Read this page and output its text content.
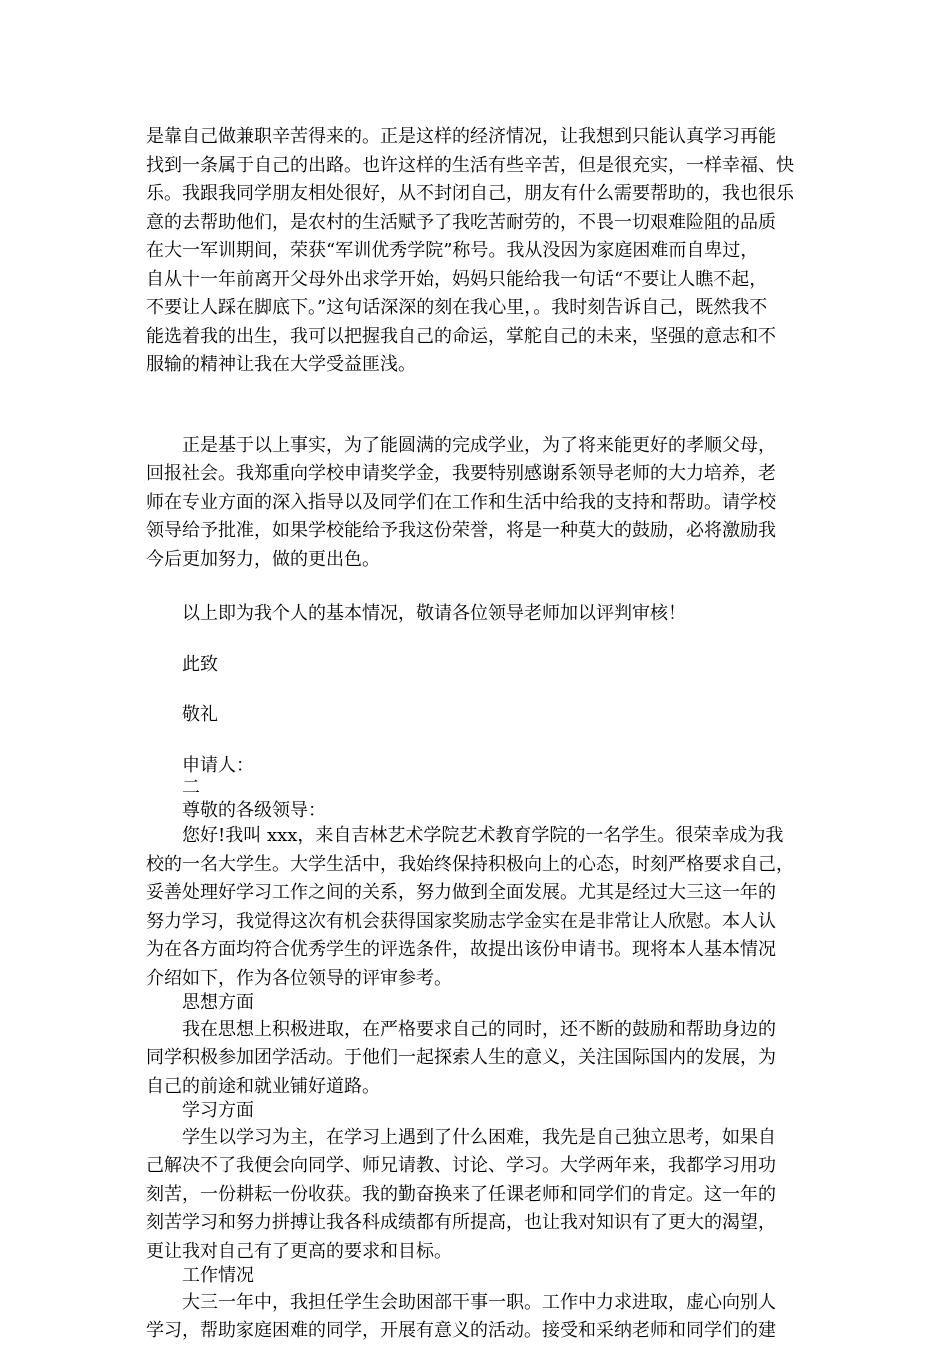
是靠自己做兼职辛苦得来的。正是这样的经济情况，让我想到只能认真学习再能
找到一条属于自己的出路。也许这样的生活有些辛苦，但是很充实，一样幸福、快
乐。我跟我同学朋友相处很好，从不封闭自己，朋友有什么需要帮助的，我也很乐
意的去帮助他们，是农村的生活赋予了我吃苦耐劳的，不畏一切艰难险阻的品质
在大一军训期间，荣获“军训优秀学院”称号。我从没因为家庭困难而自卑过，
自从十一年前离开父母外出求学开始，妈妈只能给我一句话“不要让人瞧不起，
不要让人踩在脚底下。”这句话深深的刻在我心里，。我时刻告诉自己，既然我不
能选着我的出生，我可以把握我自己的命运，掌舵自己的未来，坚强的意志和不
服输的精神让我在大学受益匪浅。

正是基于以上事实，为了能圆满的完成学业，为了将来能更好的孝顺父母，
回报社会。我郑重向学校申请奖学金，我要特别感谢系领导老师的大力培养，老
师在专业方面的深入指导以及同学们在工作和生活中给我的支持和帮助。请学校
领导给予批准，如果学校能给予我这份荣誉，将是一种莫大的鼓励，必将激励我
今后更加努力，做的更出色。

以上即为我个人的基本情况，敬请各位领导老师加以评判审核！

此致

敬礼

申请人：

二

尊敬的各级领导：

您好!我叫 xxx，来自吉林艺术学院艺术教育学院的一名学生。很荣幸成为我
校的一名大学生。大学生活中，我始终保持积极向上的心态，时刻严格要求自己，
妥善处理好学习工作之间的关系，努力做到全面发展。尤其是经过大三这一年的
努力学习，我觉得这次有机会获得国家奖励志学金实在是非常让人欣慰。本人认
为在各方面均符合优秀学生的评选条件，故提出该份申请书。现将本人基本情况
介绍如下，作为各位领导的评审参考。

思想方面

我在思想上积极进取，在严格要求自己的同时，还不断的鼓励和帮助身边的
同学积极参加团学活动。于他们一起探索人生的意义，关注国际国内的发展，为
自己的前途和就业铺好道路。

学习方面

学生以学习为主，在学习上遇到了什么困难，我先是自己独立思考，如果自
己解决不了我便会向同学、师兄请教、讨论、学习。大学两年来，我都学习用功
刻苦，一份耕耘一份收获。我的勤奋换来了任课老师和同学们的肯定。这一年的
刻苦学习和努力拼搏让我各科成绩都有所提高，也让我对知识有了更大的渴望，
更让我对自己有了更高的要求和目标。

工作情况

大三一年中，我担任学生会助困部干事一职。工作中力求进取，虚心向别人
学习，帮助家庭困难的同学，开展有意义的活动。接受和采纳老师和同学们的建
